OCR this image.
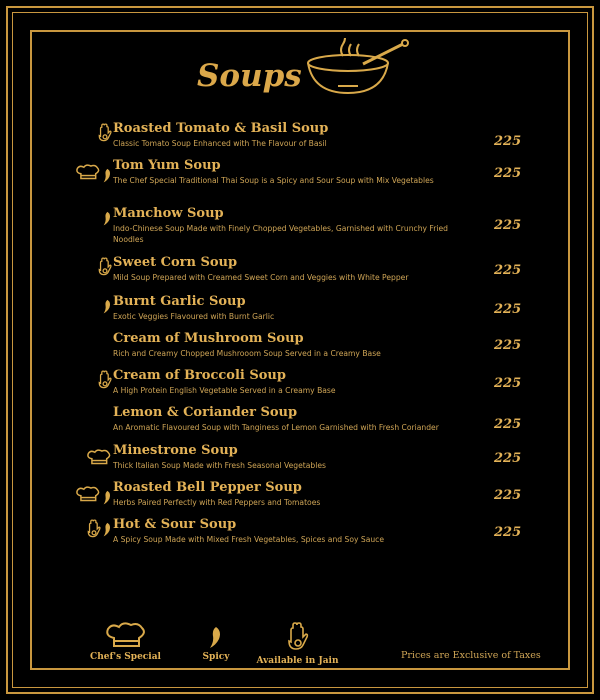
Soups
Roasted Tomato & Basil Soup
Classic Tomato Soup Enhanced with The Flavour of Basil	225
Tom Yum Soup
The Chef Special Traditional Thai Soup is a Spicy and Sour Soup with Mix Vegetables	225
Manchow Soup
Indo-Chinese Soup Made with Finely Chopped Vegetables, Garnished with Crunchy Fried Noodles
225
Sweet Corn Soup
Mild Soup Prepared with Creamed Sweet Corn and Veggies with White Pepper	225
Burnt Garlic Soup
Exotic Veggies Flavoured with Burnt Garlic	225
Cream of Mushroom Soup
Rich and Creamy Chopped Mushrooom Soup Served in a Creamy Base
225
Cream of Broccoli Soup
A High Protein English Vegetable Served in a Creamy Base	225
Lemon & Coriander Soup
An Aromatic Flavoured Soup with Tanginess of Lemon Garnished with Fresh Coriander	225
Minestrone Soup
Thick Italian Soup Made with Fresh Seasonal Vegetables	225
Roasted Bell Pepper Soup
Herbs Paired Perfectly with Red Peppers and Tomatoes	225
Hot & Sour Soup
A Spicy Soup Made with Mixed Fresh Vegetables, Spices and Soy Sauce	225
Chef's Special	Spicy	Available in Jain	Prices are Exclusive of Taxes
